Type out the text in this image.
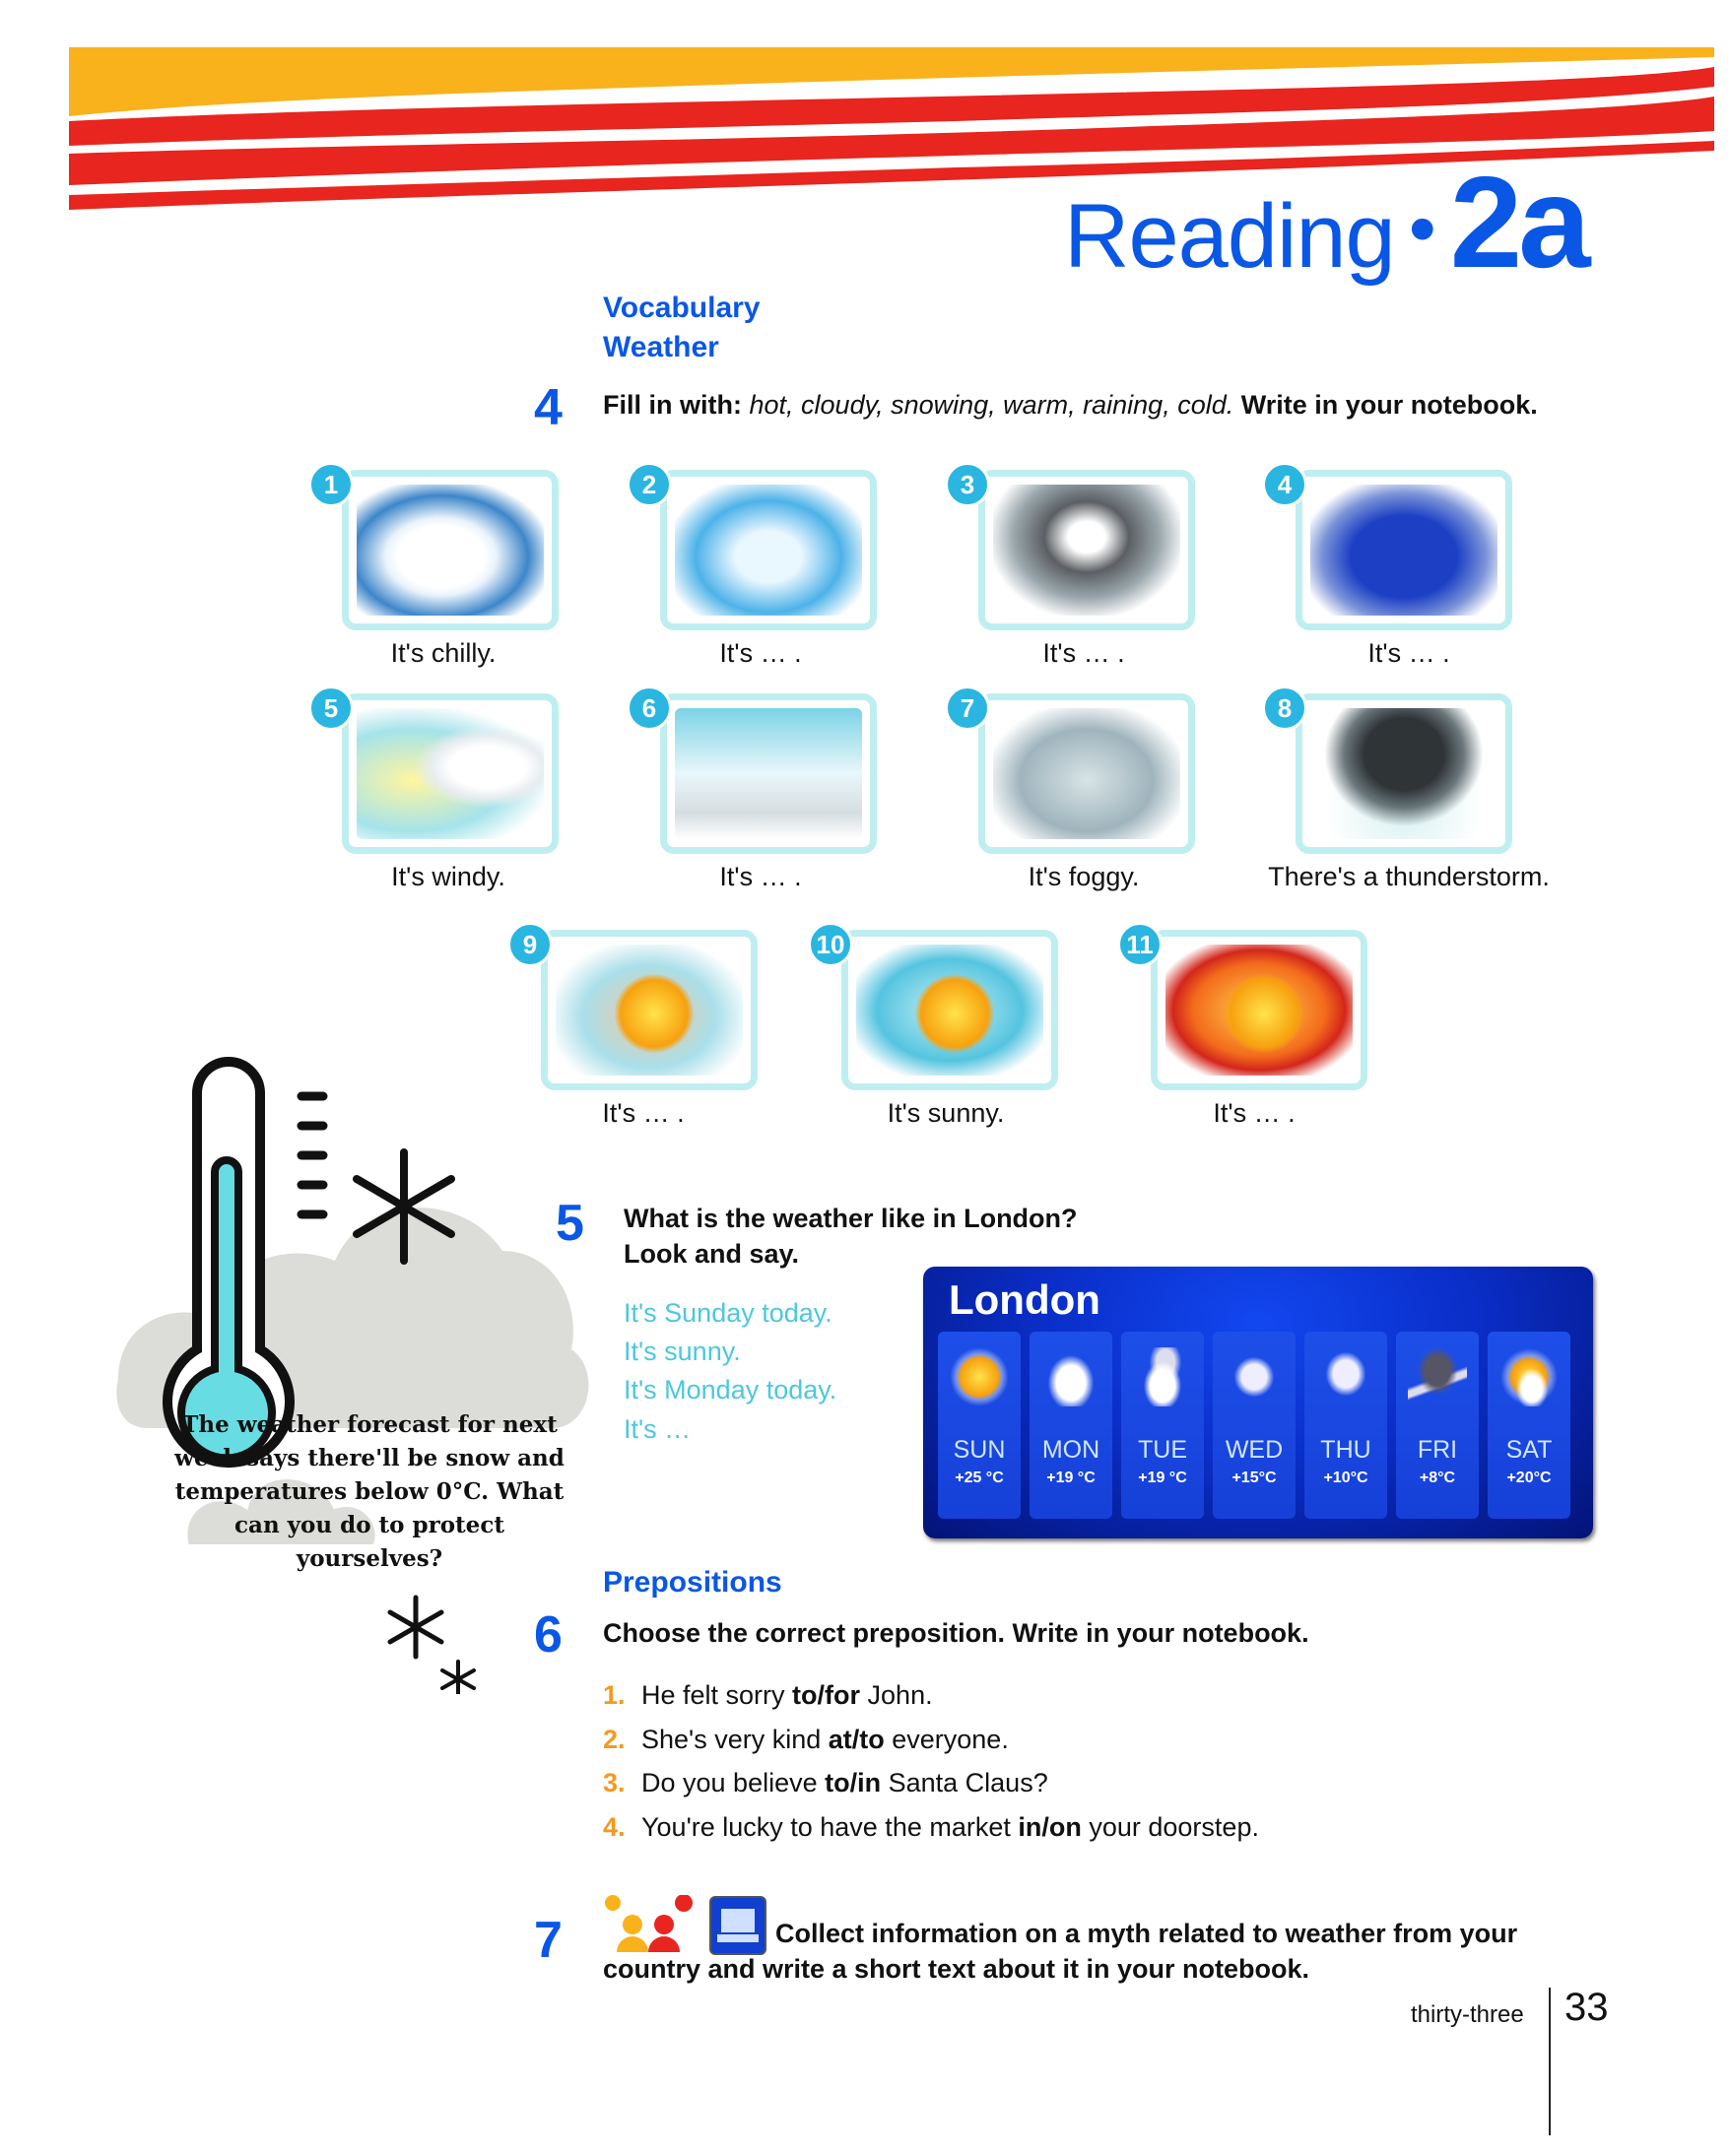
Reading • 2a
Vocabulary
Weather
4 Fill in with: hot, cloudy, snowing, warm, raining, cold. Write in your notebook.
1
It's chilly.
2
It's … .
3
It's … .
4
It's … .
5
It's windy.
6
It's … .
7
It's foggy.
8
There's a thunderstorm.
9
It's … .
10
It's sunny.
11
It's … .
The weather forecast for next week says there'll be snow and temperatures below 0°C. What can you do to protect yourselves?
5 What is the weather like in London?
Look and say.
It's Sunday today.
It's sunny.
It's Monday today.
It's …
London
SUN
+25 °C
MON
+19 °C
TUE
+19 °C
WED
+15°C
THU
+10°C
FRI
+8°C
SAT
+20°C
Prepositions
6 Choose the correct preposition. Write in your notebook.
1. He felt sorry to/for John.
2. She's very kind at/to everyone.
3. Do you believe to/in Santa Claus?
4. You're lucky to have the market in/on your doorstep.
7	Collect information on a myth related to weather from your
country and write a short text about it in your notebook.
thirty-three 33
